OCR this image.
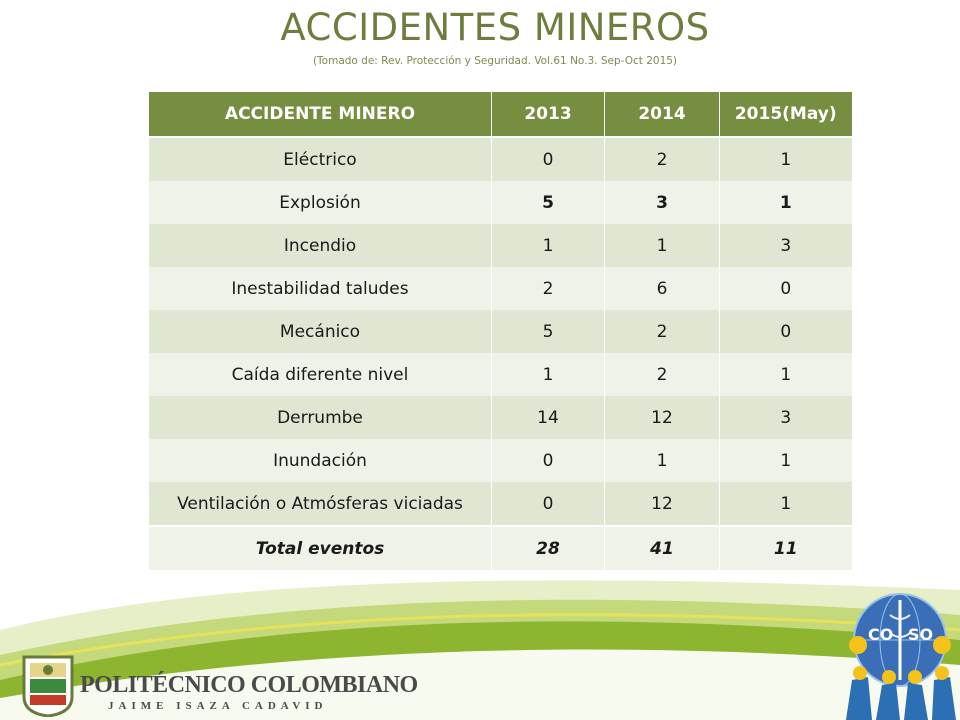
ACCIDENTES MINEROS
(Tomado de: Rev. Protección y Seguridad. Vol.61 No.3. Sep-Oct 2015)
ACCIDENTE MINERO	2013	2014	2015(May)
Eléctrico	0	2	1
Explosión	5	3	1
Incendio	1	1	3
Inestabilidad taludes	2	6	0
Mecánico	5	2	0
Caída diferente nivel	1	2	1
Derrumbe	14	12	3
Inundación	0	1	1
Ventilación o Atmósferas viciadas	0	12	1
Total eventos	28	41	11
POLITÉCNICO COLOMBIANO
JAIME ISAZA CADAVID
CO SO
